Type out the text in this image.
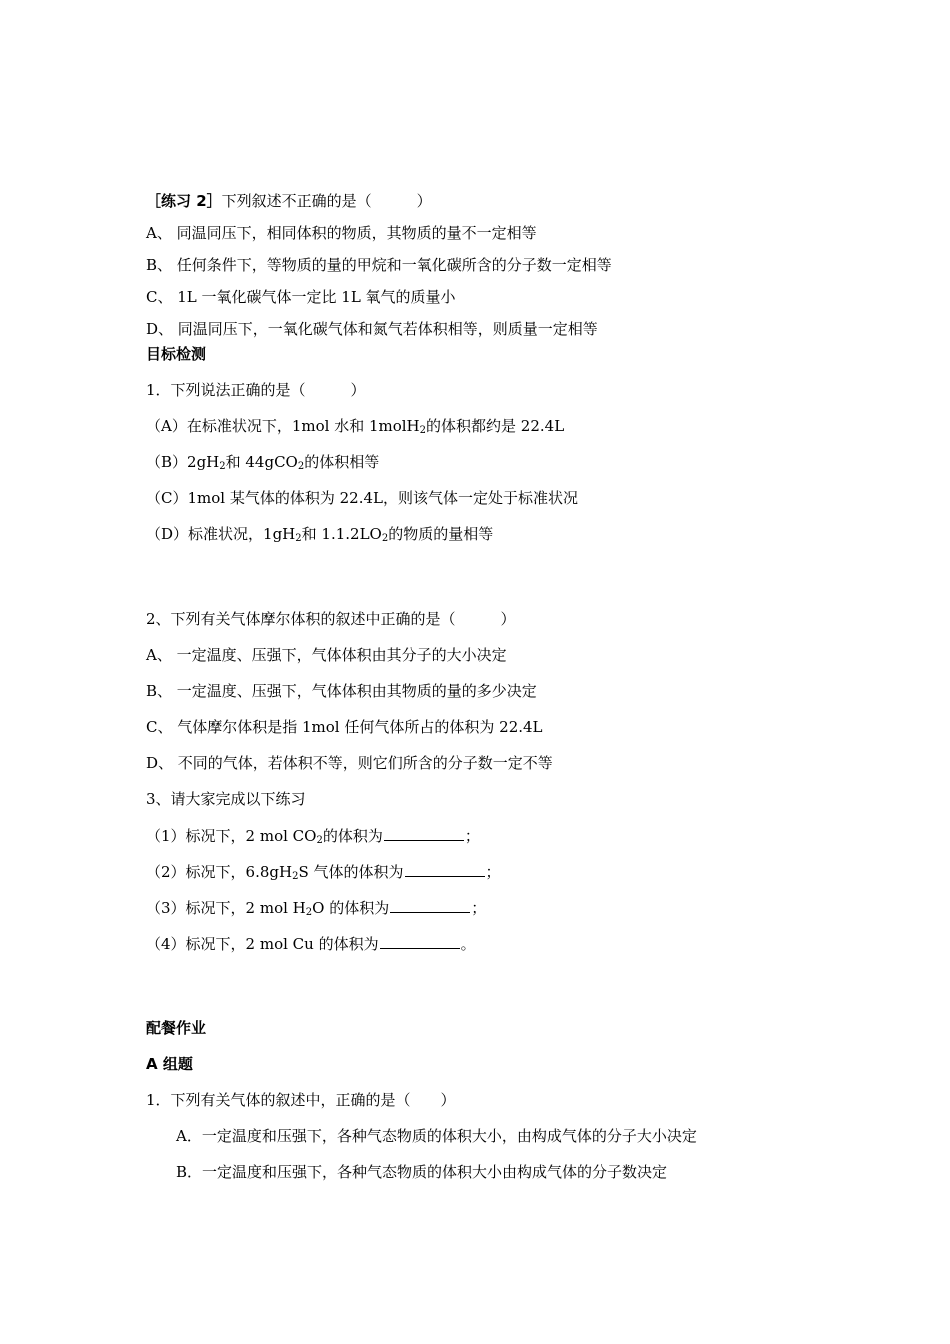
［练习 2］下列叙述不正确的是（　　　）
A、 同温同压下，相同体积的物质，其物质的量不一定相等
B、 任何条件下，等物质的量的甲烷和一氧化碳所含的分子数一定相等
C、 1L 一氧化碳气体一定比 1L 氧气的质量小
D、 同温同压下，一氧化碳气体和氮气若体积相等，则质量一定相等
目标检测
1．下列说法正确的是（　　　）
（A）在标准状况下，1mol 水和 1molH$_2$的体积都约是 22.4L
$(B)2gH_2$和 44gCO$_2$的体积相等
（C）1mol 某气体的体积为 22.4L，则该气体一定处于标准状况
（D）标准状况，$1gH_2$和 $1.1.2LO_2$的物质的量相等
2、下列有关气体摩尔体积的叙述中正确的是（　　　）
A、 一定温度、压强下，气体体积由其分子的大小决定
B、 一定温度、压强下，气体体积由其物质的量的多少决定
C、 气体摩尔体积是指 1mol 任何气体所占的体积为 22.4L
D、 不同的气体，若体积不等，则它们所含的分子数一定不等
3、请大家完成以下练习
（1）标况下，2 mol $CO_2$的体积为	；
（2）标况下，$6.8gH_2S$ 气体的体积为	；
（3）标况下，2 mol $H_2O$ 的体积为	；
（4）标况下，2 mol Cu 的体积为	。
配餐作业
A 组题
1．下列有关气体的叙述中，正确的是（　　）
A．一定温度和压强下，各种气态物质的体积大小，由构成气体的分子大小决定
B．一定温度和压强下，各种气态物质的体积大小由构成气体的分子数决定
